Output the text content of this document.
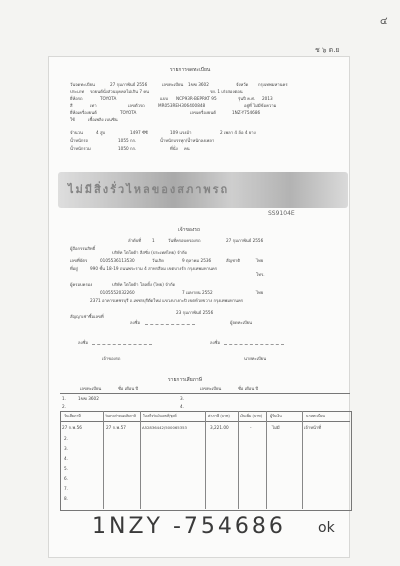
๔
ช ๖ ต.ย
รายการจดทะเบียน
วันจดทะเบียน	27 กุมภาพันธ์ 2556	เลขทะเบียน 1ฆฆ 3602	จังหวัด กรุงเทพมหานคร
ประเภท รถยนต์นั่งส่วนบุคคลไม่เกิน 7 คน	รย. 1 เก๋งสองตอน
ยี่ห้อรถ	TOYOTA	แบบ NCP93R-BEPRKT 95	รุ่นปี ค.ศ. 2013
สี	เทา	เลขตัวรถ	MR053REH306400848	อยู่ที่ ไม่มีข้อความ
ยี่ห้อเครื่องยนต์	TOYOTA	เลขเครื่องยนต์	1NZ-Y754686
ใช้	เชื้อเพลิง เบนซิน
จำนวน	4 สูบ	1497 ซีซี	109 แรงม้า	2 เพลา 4 ล้อ 4 ยาง
น้ำหนักรถ	1055 กก.	น้ำหนักบรรทุก/น้ำหนักลงเพลา
น้ำหนักรวม	1050 กก.	ที่นั่ง คน
ไม่มีสิ่งรั่วไหลของสภาพรถ
SS9104E
เจ้าของรถ
ลำดับที่	1	วันที่ครอบครองรถ	27 กุมภาพันธ์ 2556
ผู้ถือกรรมสิทธิ์
บริษัท โตโยต้า ลีสซิ่ง (ประเทศไทย) จำกัด
เลขที่บัตร	0105536113530	วันเกิด	9 ตุลาคม 2536	สัญชาติ	ไทย
ที่อยู่	990 ชั้น 18-19 ถนนพระราม 4 สาทรสีลม เขตบางรัก กรุงเทพมหานคร
โทร.
ผู้ครอบครอง	บริษัท โตโยต้า โฮลดิ้ง (ไทย) จำกัด
0105552032260	7 เมษายน 2552	ไทย
2371 อาคารเพชรบุรี ถ.เพชรบุรีตัดใหม่ แขวงบางกะปิ เขตห้วยขวาง กรุงเทพมหานคร
สัญญาเช่าซื้อเลขที่
23 กุมภาพันธ์ 2556
ลงชื่อ	ผู้จดทะเบียน
ลงชื่อ	ลงชื่อ
เจ้าของรถ	นายทะเบียน
รายการเสียภาษี
เลขทะเบียน	ชื่อ เดือน ปี	เลขทะเบียน	ชื่อ เดือน ปี
1.	1ฆฆ 3602	3.
2.	4.
วันเสียภาษี	วันครบกำหนดเสียภาษี ใบเสร็จรับเงินเลขที่/ชุดที่	ค่าภาษี (บาท)	เงินเพิ่ม (บาท) ผู้รับเงิน	นายทะเบียน
27 ก.พ.56	27 ก.พ.57	A52836442/500065353	3,221.00	-	ไม่มี	เจ้าหน้าที่
2.
3.
4.
5.
6.
7.
8.
1NZY -754686 ok
